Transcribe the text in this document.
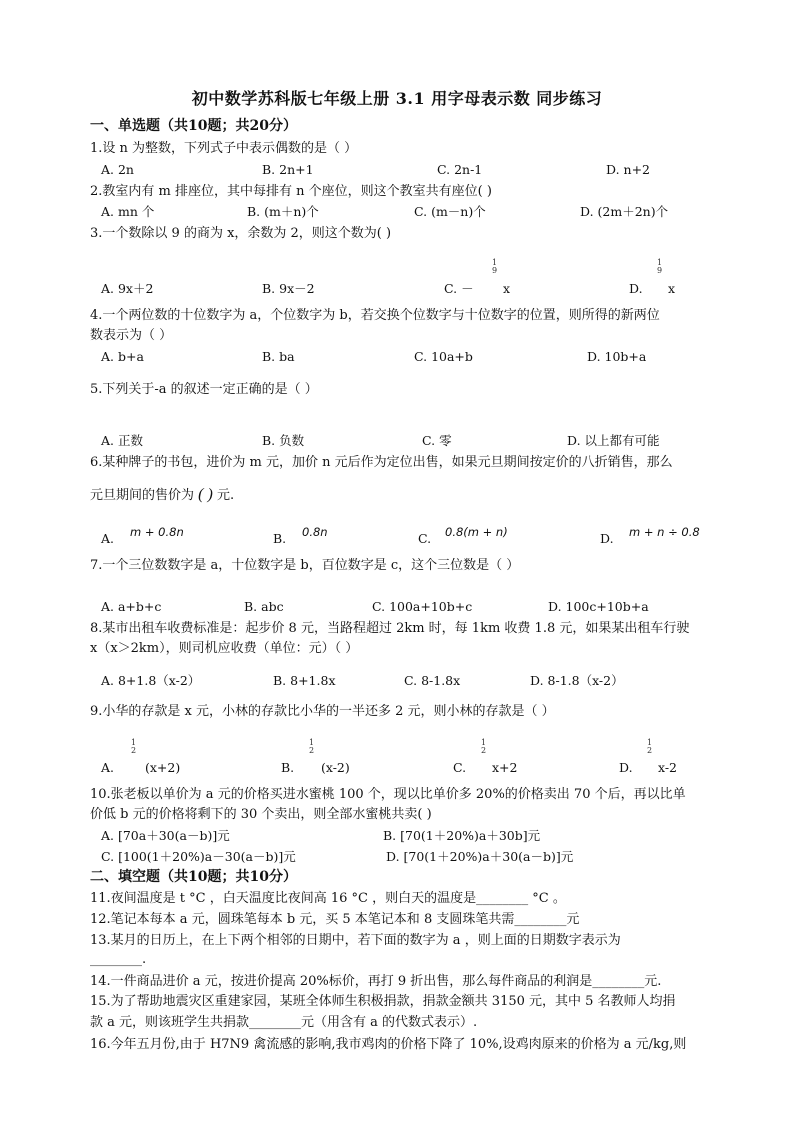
初中数学苏科版七年级上册 3.1 用字母表示数 同步练习
一、单选题（共10题；共20分）
1.设 n 为整数，下列式子中表示偶数的是（ ）
A. 2n	B. 2n+1	C. 2n-1	D. n+2
2.教室内有 m 排座位，其中每排有 n 个座位，则这个教室共有座位( )
A. mn 个	B. (m＋n)个	C. (m－n)个	D. (2m＋2n)个
3.一个数除以 9 的商为 x，余数为 2，则这个数为( )
A. 9x＋2	B. 9x－2	C. －
1
9
x	D.
1
9
x
4.一个两位数的十位数字为 a，个位数字为 b，若交换个位数字与十位数字的位置，则所得的新两位
数表示为（ ）
A. b+a	B. ba	C. 10a+b	D. 10b+a
5.下列关于-a 的叙述一定正确的是（ ）
A. 正数	B. 负数	C. 零	D. 以上都有可能
6.某种牌子的书包，进价为 m 元，加价 n 元后作为定位出售，如果元旦期间按定价的八折销售，那么
元旦期间的售价为 ( ) 元.
A. m + 0.8n	B. 0.8n	C. 0.8(m + n)	D. m + n ÷ 0.8
7.一个三位数数字是 a，十位数字是 b，百位数字是 c，这个三位数是（ ）
A. a+b+c	B. abc	C. 100a+10b+c	D. 100c+10b+a
8.某市出租车收费标准是：起步价 8 元，当路程超过 2km 时，每 1km 收费 1.8 元，如果某出租车行驶
x（x＞2km），则司机应收费（单位：元）（ ）
A. 8+1.8（x-2）	B. 8+1.8x	C. 8-1.8x	D. 8-1.8（x-2）
9.小华的存款是 x 元，小林的存款比小华的一半还多 2 元，则小林的存款是（ ）
A.
1
2
(x+2)	B.
1
2
(x-2)	C.
1
2
x+2	D.
1
2
x-2
10.张老板以单价为 a 元的价格买进水蜜桃 100 个，现以比单价多 20%的价格卖出 70 个后，再以比单
价低 b 元的价格将剩下的 30 个卖出，则全部水蜜桃共卖( )
A. [70a＋30(a－b)]元	B. [70(1＋20%)a＋30b]元
C. [100(1＋20%)a－30(a－b)]元	D. [70(1＋20%)a＋30(a－b)]元
二、填空题（共10题；共10分）
11.夜间温度是 t °C ，白天温度比夜间高 16 °C ，则白天的温度是________ °C 。
12.笔记本每本 a 元，圆珠笔每本 b 元，买 5 本笔记本和 8 支圆珠笔共需________元
13.某月的日历上，在上下两个相邻的日期中，若下面的数字为 a ，则上面的日期数字表示为
________.
14.一件商品进价 a 元，按进价提高 20%标价，再打 9 折出售，那么每件商品的利润是________元.
15.为了帮助地震灾区重建家园，某班全体师生积极捐款，捐款金额共 3150 元，其中 5 名教师人均捐
款 a 元，则该班学生共捐款________元（用含有 a 的代数式表示）.
16.今年五月份,由于 H7N9 禽流感的影响,我市鸡肉的价格下降了 10%,设鸡肉原来的价格为 a 元/kg,则
